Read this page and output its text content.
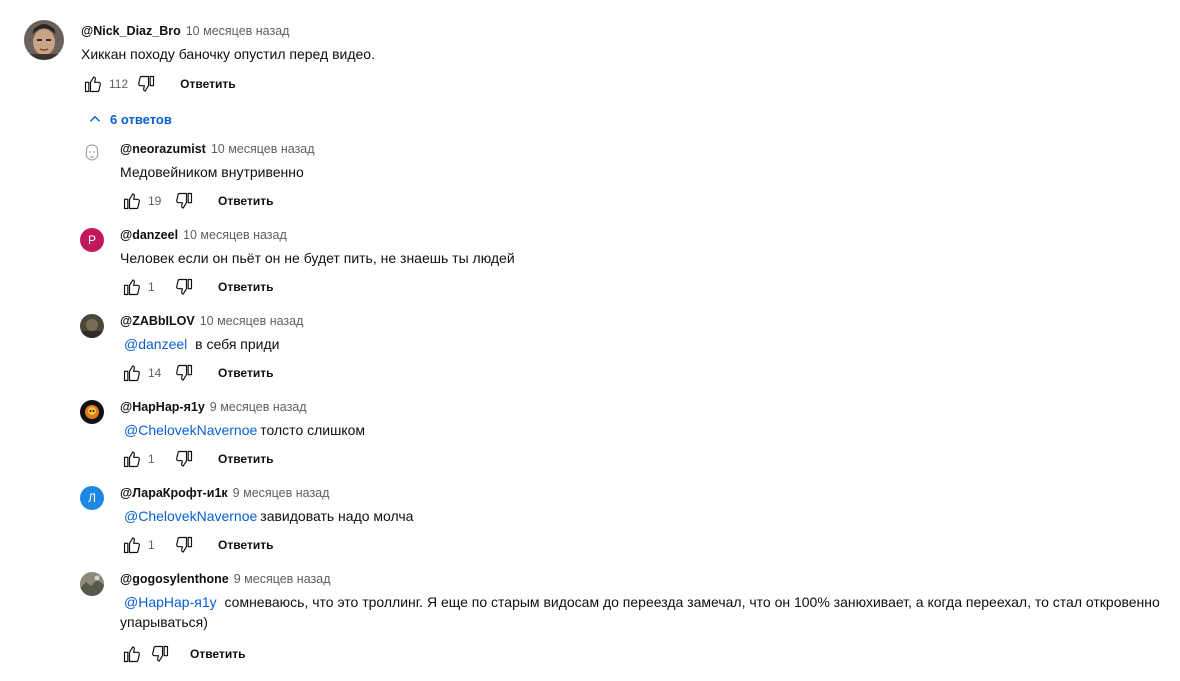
@Nick_Diaz_Bro 10 месяцев назад
Хиккан походу баночку опустил перед видео.
112	Ответить
6 ответов
@neorazumist 10 месяцев назад
Медовейником внутривенно
19	Ответить
Р	@danzeel 10 месяцев назад
Человек если он пьёт он не будет пить, не знаешь ты людей
1	Ответить
@ZABbILOV 10 месяцев назад
@danzeel в себя приди
14	Ответить
@НарНар-я1у 9 месяцев назад
@ChelovekNavernoe толсто слишком
1	Ответить
Л	@ЛараКрофт-и1к 9 месяцев назад
@ChelovekNavernoe завидовать надо молча
1	Ответить
@gogosylenthone 9 месяцев назад
@НарНар-я1у сомневаюсь, что это троллинг. Я еще по старым видосам до переезда замечал, что он 100% занюхивает, а когда переехал, то стал откровенно упарываться)
Ответить
